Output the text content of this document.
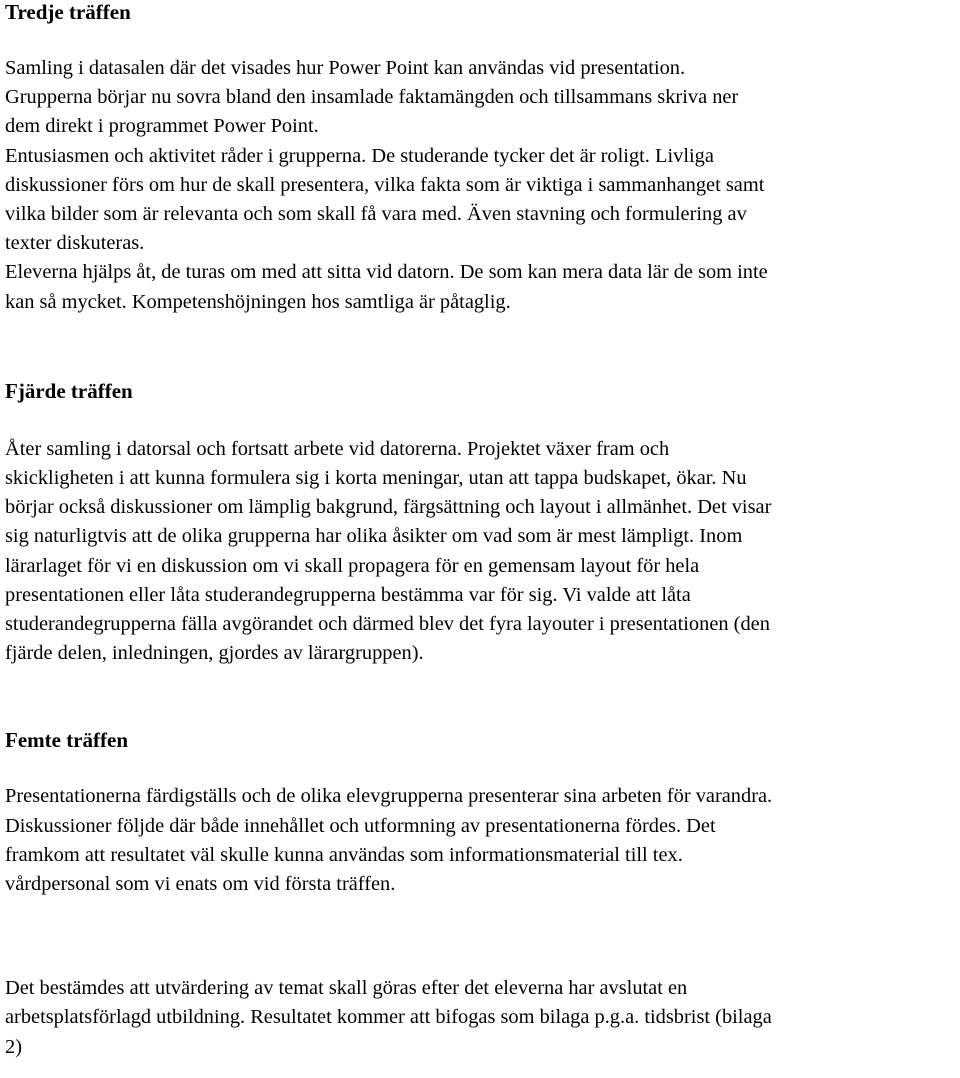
Tredje träffen

Samling i datasalen där det visades hur Power Point kan användas vid presentation.
Grupperna börjar nu sovra bland den insamlade faktamängden och tillsammans skriva ner
dem direkt i programmet Power Point.
Entusiasmen och aktivitet råder i grupperna. De studerande tycker det är roligt. Livliga
diskussioner förs om hur de skall presentera, vilka fakta som är viktiga i sammanhanget samt
vilka bilder som är relevanta och som skall få vara med. Även stavning och formulering av
texter diskuteras.
Eleverna hjälps åt, de turas om med att sitta vid datorn. De som kan mera data lär de som inte
kan så mycket. Kompetenshöjningen hos samtliga är påtaglig.

Fjärde träffen

Åter samling i datorsal och fortsatt arbete vid datorerna. Projektet växer fram och
skickligheten i att kunna formulera sig i korta meningar, utan att tappa budskapet, ökar. Nu
börjar också diskussioner om lämplig bakgrund, färgsättning och layout i allmänhet. Det visar
sig naturligtvis att de olika grupperna har olika åsikter om vad som är mest lämpligt. Inom
lärarlaget för vi en diskussion om vi skall propagera för en gemensam layout för hela
presentationen eller låta studerandegrupperna bestämma var för sig. Vi valde att låta
studerandegrupperna fälla avgörandet och därmed blev det fyra layouter i presentationen (den
fjärde delen, inledningen, gjordes av lärargruppen).

Femte träffen

Presentationerna färdigställs och de olika elevgrupperna presenterar sina arbeten för varandra.
Diskussioner följde där både innehållet och utformning av presentationerna fördes. Det
framkom att resultatet väl skulle kunna användas som informationsmaterial till tex.
vårdpersonal som vi enats om vid första träffen.

Det bestämdes att utvärdering av temat skall göras efter det eleverna har avslutat en
arbetsplatsförlagd utbildning. Resultatet kommer att bifogas som bilaga p.g.a. tidsbrist (bilaga
2)
